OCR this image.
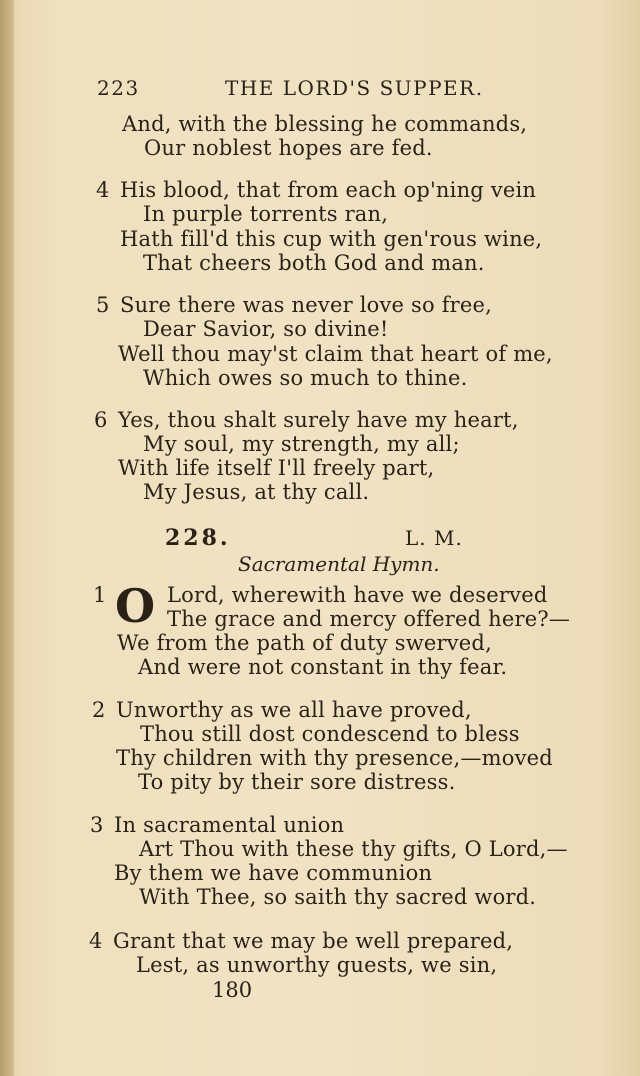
223	THE LORD'S SUPPER.
And, with the blessing he commands,
Our noblest hopes are fed.
4 His blood, that from each op'ning vein
In purple torrents ran,
Hath fill'd this cup with gen'rous wine,
That cheers both God and man.
5 Sure there was never love so free,
Dear Savior, so divine!
Well thou may'st claim that heart of me,
Which owes so much to thine.
6 Yes, thou shalt surely have my heart,
My soul, my strength, my all;
With life itself I'll freely part,
My Jesus, at thy call.
228.	L. M.
Sacramental Hymn.
1 O Lord, wherewith have we deserved
The grace and mercy offered here?—
We from the path of duty swerved,
And were not constant in thy fear.
2 Unworthy as we all have proved,
Thou still dost condescend to bless
Thy children with thy presence,—moved
To pity by their sore distress.
3 In sacramental union
Art Thou with these thy gifts, O Lord,—
By them we have communion
With Thee, so saith thy sacred word.
4 Grant that we may be well prepared,
Lest, as unworthy guests, we sin,
180
